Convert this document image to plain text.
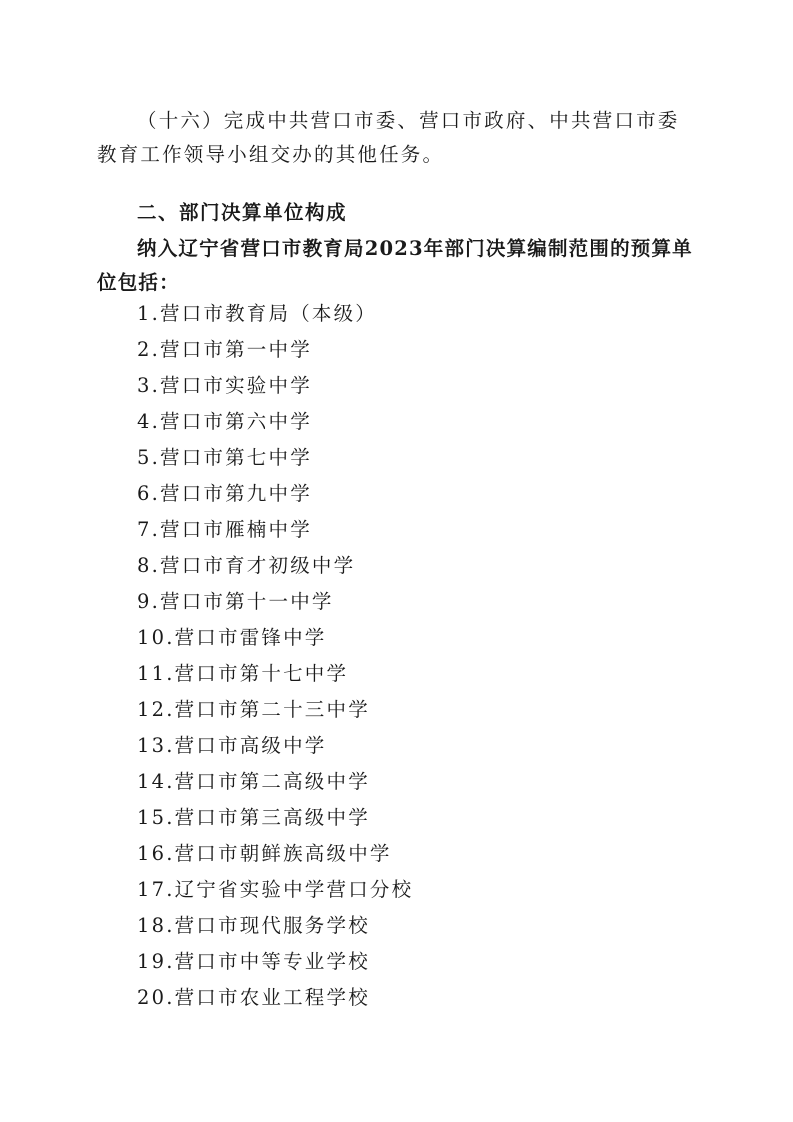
（十六）完成中共营口市委、营口市政府、中共营口市委教育工作领导小组交办的其他任务。

二、部门决算单位构成

纳入辽宁省营口市教育局2023年部门决算编制范围的预算单位包括：

1.营口市教育局（本级）
2.营口市第一中学
3.营口市实验中学
4.营口市第六中学
5.营口市第七中学
6.营口市第九中学
7.营口市雁楠中学
8.营口市育才初级中学
9.营口市第十一中学
10.营口市雷锋中学
11.营口市第十七中学
12.营口市第二十三中学
13.营口市高级中学
14.营口市第二高级中学
15.营口市第三高级中学
16.营口市朝鲜族高级中学
17.辽宁省实验中学营口分校
18.营口市现代服务学校
19.营口市中等专业学校
20.营口市农业工程学校
